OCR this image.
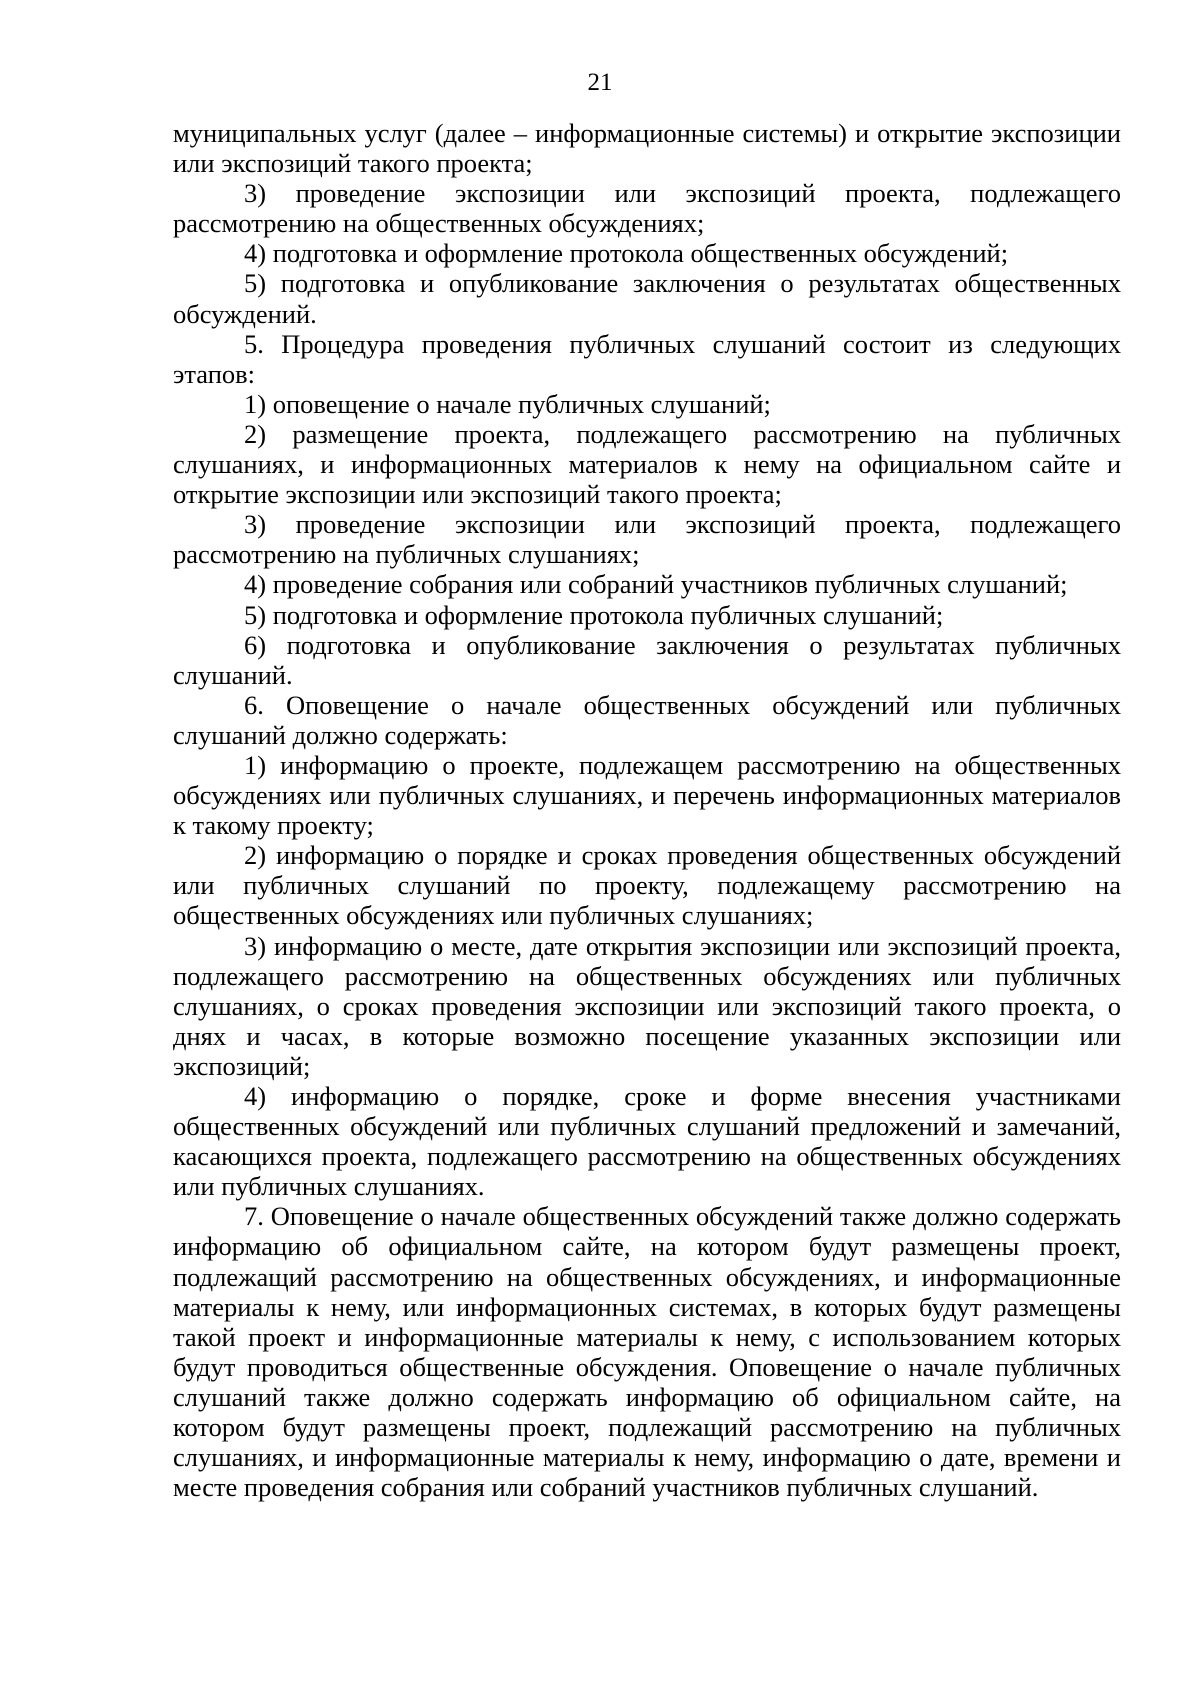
21

муниципальных услуг (далее – информационные системы) и открытие экспозиции или экспозиций такого проекта;

3) проведение экспозиции или экспозиций проекта, подлежащего рассмотрению на общественных обсуждениях;

4) подготовка и оформление протокола общественных обсуждений;

5) подготовка и опубликование заключения о результатах общественных обсуждений.

5. Процедура проведения публичных слушаний состоит из следующих этапов:

1) оповещение о начале публичных слушаний;

2) размещение проекта, подлежащего рассмотрению на публичных слушаниях, и информационных материалов к нему на официальном сайте и открытие экспозиции или экспозиций такого проекта;

3) проведение экспозиции или экспозиций проекта, подлежащего рассмотрению на публичных слушаниях;

4) проведение собрания или собраний участников публичных слушаний;

5) подготовка и оформление протокола публичных слушаний;

6) подготовка и опубликование заключения о результатах публичных слушаний.

6. Оповещение о начале общественных обсуждений или публичных слушаний должно содержать:

1) информацию о проекте, подлежащем рассмотрению на общественных обсуждениях или публичных слушаниях, и перечень информационных материалов к такому проекту;

2) информацию о порядке и сроках проведения общественных обсуждений или публичных слушаний по проекту, подлежащему рассмотрению на общественных обсуждениях или публичных слушаниях;

3) информацию о месте, дате открытия экспозиции или экспозиций проекта, подлежащего рассмотрению на общественных обсуждениях или публичных слушаниях, о сроках проведения экспозиции или экспозиций такого проекта, о днях и часах, в которые возможно посещение указанных экспозиции или экспозиций;

4) информацию о порядке, сроке и форме внесения участниками общественных обсуждений или публичных слушаний предложений и замечаний, касающихся проекта, подлежащего рассмотрению на общественных обсуждениях или публичных слушаниях.

7. Оповещение о начале общественных обсуждений также должно содержать информацию об официальном сайте, на котором будут размещены проект, подлежащий рассмотрению на общественных обсуждениях, и информационные материалы к нему, или информационных системах, в которых будут размещены такой проект и информационные материалы к нему, с использованием которых будут проводиться общественные обсуждения. Оповещение о начале публичных слушаний также должно содержать информацию об официальном сайте, на котором будут размещены проект, подлежащий рассмотрению на публичных слушаниях, и информационные материалы к нему, информацию о дате, времени и месте проведения собрания или собраний участников публичных слушаний.
